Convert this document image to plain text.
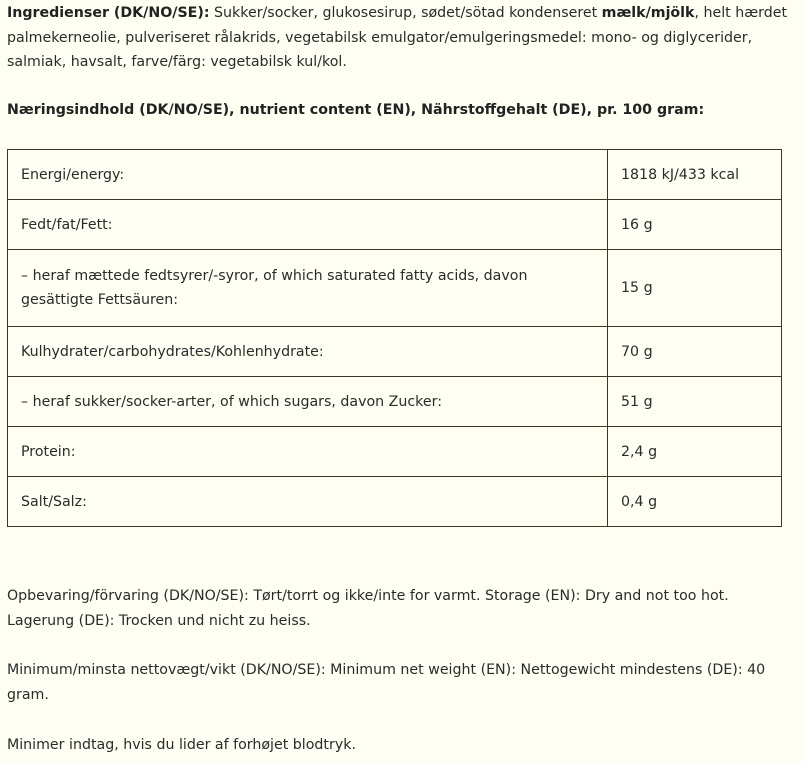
Ingredienser (DK/NO/SE): Sukker/socker, glukosesirup, sødet/sötad kondenseret mælk/mjölk, helt hærdet palmekerneolie, pulveriseret rålakrids, vegetabilsk emulgator/emulgeringsmedel: mono- og diglycerider, salmiak, havsalt, farve/färg: vegetabilsk kul/kol.

Næringsindhold (DK/NO/SE), nutrient content (EN), Nährstoffgehalt (DE), pr. 100 gram:

Energi/energy:	1818 kJ/433 kcal
Fedt/fat/Fett:	16 g
– heraf mættede fedtsyrer/-syror, of which saturated fatty acids, davon gesättigte Fettsäuren:	15 g
Kulhydrater/carbohydrates/Kohlenhydrate:	70 g
– heraf sukker/socker-arter, of which sugars, davon Zucker:	51 g
Protein:	2,4 g
Salt/Salz:	0,4 g

Opbevaring/förvaring (DK/NO/SE): Tørt/torrt og ikke/inte for varmt. Storage (EN): Dry and not too hot. Lagerung (DE): Trocken und nicht zu heiss.

Minimum/minsta nettovægt/vikt (DK/NO/SE): Minimum net weight (EN): Nettogewicht mindestens (DE): 40 gram.

Minimer indtag, hvis du lider af forhøjet blodtryk.
